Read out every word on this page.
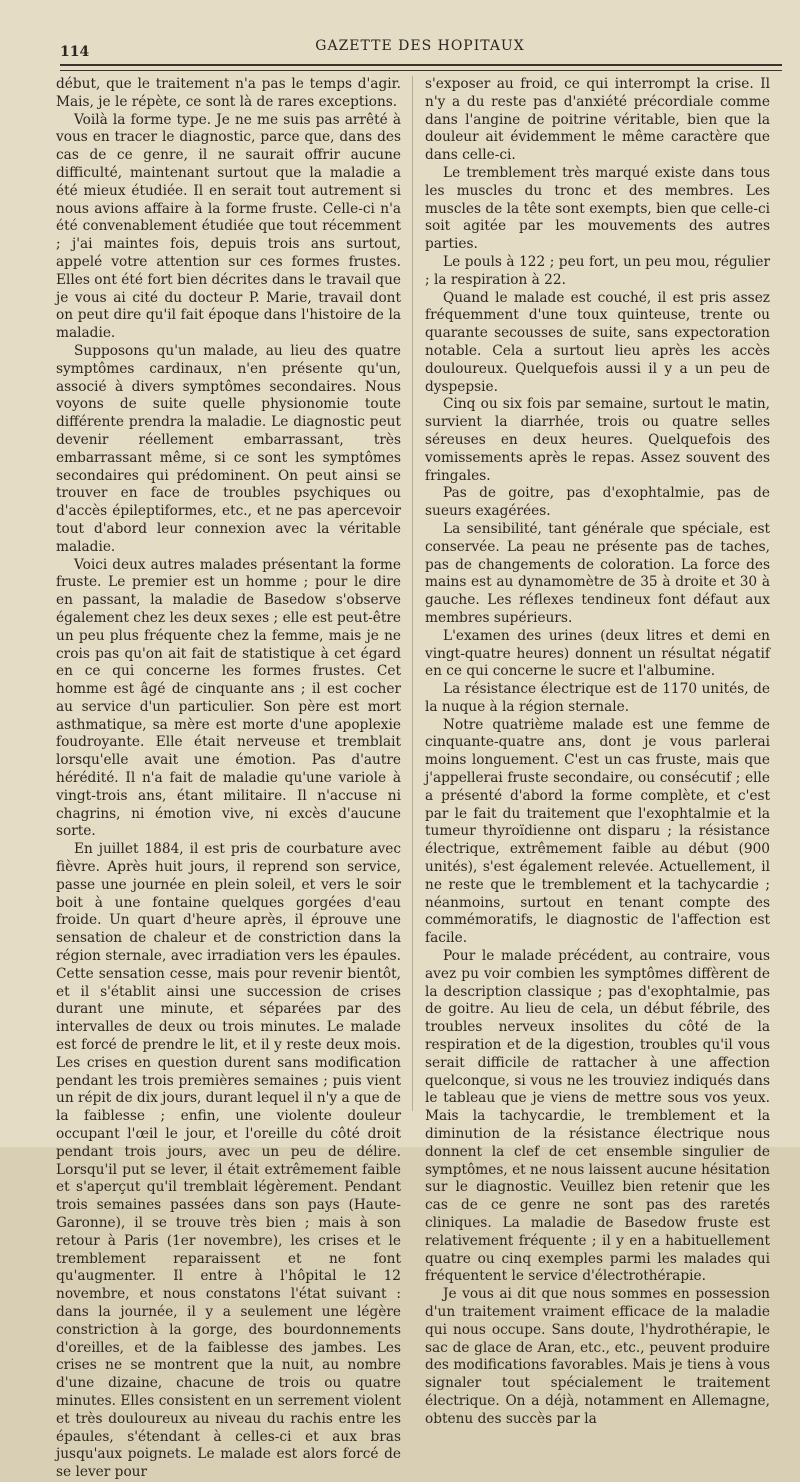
114	GAZETTE DES HOPITAUX

début, que le traitement n'a pas le temps d'agir. Mais, je le répète, ce sont là de rares exceptions.

Voilà la forme type. Je ne me suis pas arrêté à vous en tracer le diagnostic, parce que, dans des cas de ce genre, il ne saurait offrir aucune difficulté, maintenant surtout que la maladie a été mieux étudiée. Il en serait tout autrement si nous avions affaire à la forme fruste. Celle-ci n'a été convenablement étudiée que tout récemment ; j'ai maintes fois, depuis trois ans surtout, appelé votre attention sur ces formes frustes. Elles ont été fort bien décrites dans le travail que je vous ai cité du docteur P. Marie, travail dont on peut dire qu'il fait époque dans l'histoire de la maladie.

Supposons qu'un malade, au lieu des quatre symptômes cardinaux, n'en présente qu'un, associé à divers symptômes secondaires. Nous voyons de suite quelle physionomie toute différente prendra la maladie. Le diagnostic peut devenir réellement embarrassant, très embarrassant même, si ce sont les symptômes secondaires qui prédominent. On peut ainsi se trouver en face de troubles psychiques ou d'accès épileptiformes, etc., et ne pas apercevoir tout d'abord leur connexion avec la véritable maladie.

Voici deux autres malades présentant la forme fruste. Le premier est un homme ; pour le dire en passant, la maladie de Basedow s'observe également chez les deux sexes ; elle est peut-être un peu plus fréquente chez la femme, mais je ne crois pas qu'on ait fait de statistique à cet égard en ce qui concerne les formes frustes. Cet homme est âgé de cinquante ans ; il est cocher au service d'un particulier. Son père est mort asthmatique, sa mère est morte d'une apoplexie foudroyante. Elle était nerveuse et tremblait lorsqu'elle avait une émotion. Pas d'autre hérédité. Il n'a fait de maladie qu'une variole à vingt-trois ans, étant militaire. Il n'accuse ni chagrins, ni émotion vive, ni excès d'aucune sorte.

En juillet 1884, il est pris de courbature avec fièvre. Après huit jours, il reprend son service, passe une journée en plein soleil, et vers le soir boit à une fontaine quelques gorgées d'eau froide. Un quart d'heure après, il éprouve une sensation de chaleur et de constriction dans la région sternale, avec irradiation vers les épaules. Cette sensation cesse, mais pour revenir bientôt, et il s'établit ainsi une succession de crises durant une minute, et séparées par des intervalles de deux ou trois minutes. Le malade est forcé de prendre le lit, et il y reste deux mois. Les crises en question durent sans modification pendant les trois premières semaines ; puis vient un répit de dix jours, durant lequel il n'y a que de la faiblesse ; enfin, une violente douleur occupant l'œil le jour, et l'oreille du côté droit pendant trois jours, avec un peu de délire. Lorsqu'il put se lever, il était extrêmement faible et s'aperçut qu'il tremblait légèrement. Pendant trois semaines passées dans son pays (Haute-Garonne), il se trouve très bien ; mais à son retour à Paris (1er novembre), les crises et le tremblement reparaissent et ne font qu'augmenter. Il entre à l'hôpital le 12 novembre, et nous constatons l'état suivant : dans la journée, il y a seulement une légère constriction à la gorge, des bourdonnements d'oreilles, et de la faiblesse des jambes. Les crises ne se montrent que la nuit, au nombre d'une dizaine, chacune de trois ou quatre minutes. Elles consistent en un serrement violent et très douloureux au niveau du rachis entre les épaules, s'étendant à celles-ci et aux bras jusqu'aux poignets. Le malade est alors forcé de se lever pour

s'exposer au froid, ce qui interrompt la crise. Il n'y a du reste pas d'anxiété précordiale comme dans l'angine de poitrine véritable, bien que la douleur ait évidemment le même caractère que dans celle-ci.

Le tremblement très marqué existe dans tous les muscles du tronc et des membres. Les muscles de la tête sont exempts, bien que celle-ci soit agitée par les mouvements des autres parties.

Le pouls à 122 ; peu fort, un peu mou, régulier ; la respiration à 22.

Quand le malade est couché, il est pris assez fréquemment d'une toux quinteuse, trente ou quarante secousses de suite, sans expectoration notable. Cela a surtout lieu après les accès douloureux. Quelquefois aussi il y a un peu de dyspepsie.

Cinq ou six fois par semaine, surtout le matin, survient la diarrhée, trois ou quatre selles séreuses en deux heures. Quelquefois des vomissements après le repas. Assez souvent des fringales.

Pas de goitre, pas d'exophtalmie, pas de sueurs exagérées.

La sensibilité, tant générale que spéciale, est conservée. La peau ne présente pas de taches, pas de changements de coloration. La force des mains est au dynamomètre de 35 à droite et 30 à gauche. Les réflexes tendineux font défaut aux membres supérieurs.

L'examen des urines (deux litres et demi en vingt-quatre heures) donnent un résultat négatif en ce qui concerne le sucre et l'albumine.

La résistance électrique est de 1170 unités, de la nuque à la région sternale.

Notre quatrième malade est une femme de cinquante-quatre ans, dont je vous parlerai moins longuement. C'est un cas fruste, mais que j'appellerai fruste secondaire, ou consécutif ; elle a présenté d'abord la forme complète, et c'est par le fait du traitement que l'exophtalmie et la tumeur thyroïdienne ont disparu ; la résistance électrique, extrêmement faible au début (900 unités), s'est également relevée. Actuellement, il ne reste que le tremblement et la tachycardie ; néanmoins, surtout en tenant compte des commémoratifs, le diagnostic de l'affection est facile.

Pour le malade précédent, au contraire, vous avez pu voir combien les symptômes diffèrent de la description classique ; pas d'exophtalmie, pas de goitre. Au lieu de cela, un début fébrile, des troubles nerveux insolites du côté de la respiration et de la digestion, troubles qu'il vous serait difficile de rattacher à une affection quelconque, si vous ne les trouviez indiqués dans le tableau que je viens de mettre sous vos yeux. Mais la tachycardie, le tremblement et la diminution de la résistance électrique nous donnent la clef de cet ensemble singulier de symptômes, et ne nous laissent aucune hésitation sur le diagnostic. Veuillez bien retenir que les cas de ce genre ne sont pas des raretés cliniques. La maladie de Basedow fruste est relativement fréquente ; il y en a habituellement quatre ou cinq exemples parmi les malades qui fréquentent le service d'électrothérapie.

Je vous ai dit que nous sommes en possession d'un traitement vraiment efficace de la maladie qui nous occupe. Sans doute, l'hydrothérapie, le sac de glace de Aran, etc., etc., peuvent produire des modifications favorables. Mais je tiens à vous signaler tout spécialement le traitement électrique. On a déjà, notamment en Allemagne, obtenu des succès par la
